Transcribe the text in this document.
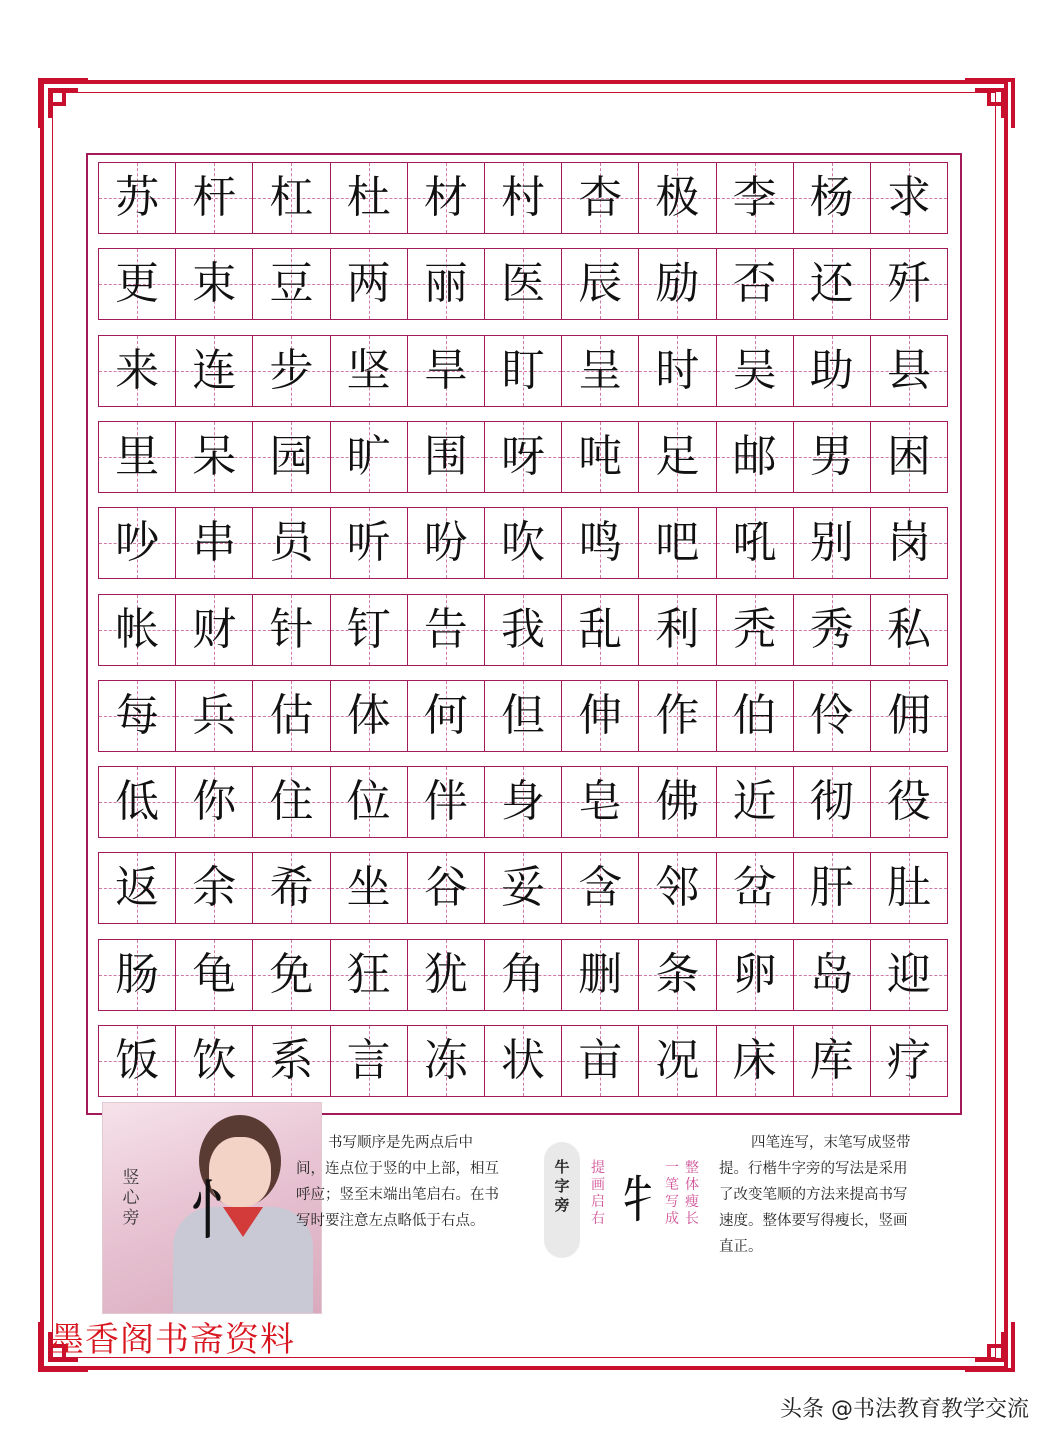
苏 杆 杠 杜 材 村 杏 极 李 杨 求
更 束 豆 两 丽 医 辰 励 否 还 歼
来 连 步 坚 旱 盯 呈 时 吴 助 县
里 呆 园 旷 围 呀 吨 足 邮 男 困
吵 串 员 听 吩 吹 鸣 吧 吼 别 岗
帐 财 针 钉 告 我 乱 利 秃 秀 私
每 兵 估 体 何 但 伸 作 伯 伶 佣
低 你 住 位 伴 身 皂 佛 近 彻 役
返 余 希 坐 谷 妥 含 邻 岔 肝 肚
肠 龟 免 狂 犹 角 删 条 卵 岛 迎
饭 饮 系 言 冻 状 亩 况 床 库 疗
竖心旁 忄
书写顺序是先两点后中间，连点位于竖的中上部，相互呼应；竖至末端出笔启右。在书写时要注意左点略低于右点。
牛字旁
提画启右 牜
一笔写成
整体瘦长
四笔连写，末笔写成竖带提。行楷牛字旁的写法是采用了改变笔顺的方法来提高书写速度。整体要写得瘦长，竖画直正。
墨香阁书斋资料
头条 @书法教育教学交流
